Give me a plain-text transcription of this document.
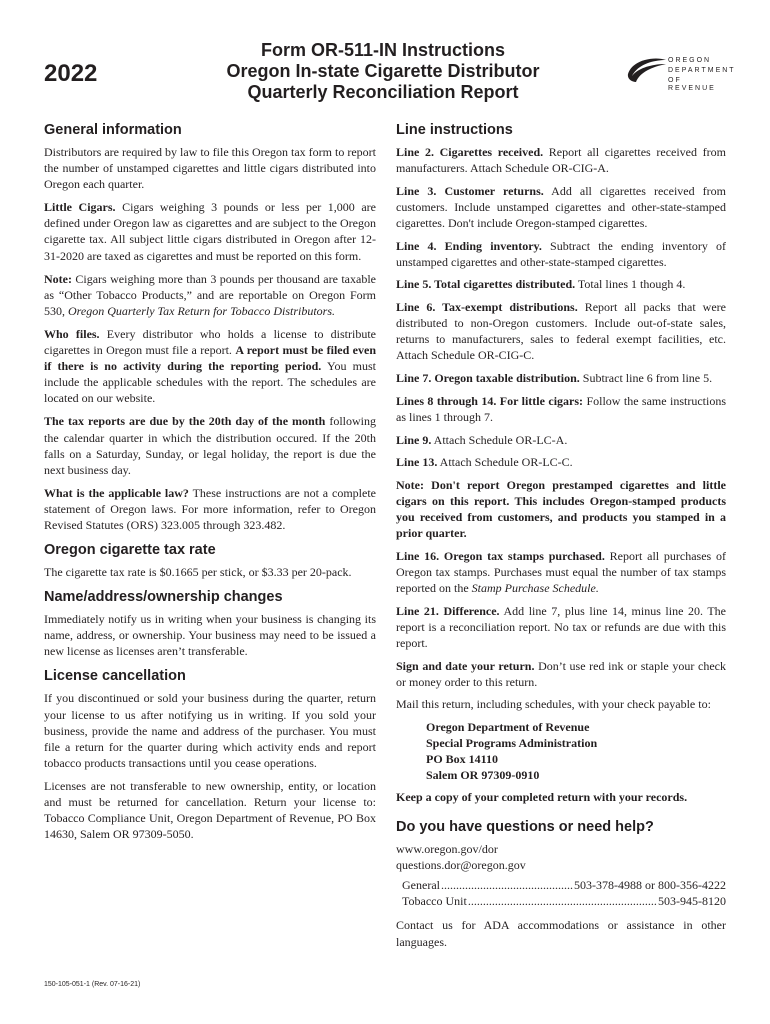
2022
Form OR-511-IN Instructions
Oregon In-state Cigarette Distributor
Quarterly Reconciliation Report
OREGON
DEPARTMENT
OF REVENUE
General information

Distributors are required by law to file this Oregon tax form to report the number of unstamped cigarettes and little cigars distributed into Oregon each quarter.

Little Cigars. Cigars weighing 3 pounds or less per 1,000 are defined under Oregon law as cigarettes and are subject to the Oregon cigarette tax. All subject little cigars distributed in Oregon after 12-31-2020 are taxed as cigarettes and must be reported on this form.

Note: Cigars weighing more than 3 pounds per thousand are taxable as “Other Tobacco Products,” and are reportable on Oregon Form 530, Oregon Quarterly Tax Return for Tobacco Distributors.

Who files. Every distributor who holds a license to distribute cigarettes in Oregon must file a report. A report must be filed even if there is no activity during the reporting period. You must include the applicable schedules with the report. The schedules are located on our website.

The tax reports are due by the 20th day of the month following the calendar quarter in which the distribution occured. If the 20th falls on a Saturday, Sunday, or legal holiday, the report is due the next business day.

What is the applicable law? These instructions are not a complete statement of Oregon laws. For more information, refer to Oregon Revised Statutes (ORS) 323.005 through 323.482.

Oregon cigarette tax rate

The cigarette tax rate is $0.1665 per stick, or $3.33 per 20-pack.

Name/address/ownership changes

Immediately notify us in writing when your business is changing its name, address, or ownership. Your business may need to be issued a new license as licenses aren’t transferable.

License cancellation

If you discontinued or sold your business during the quarter, return your license to us after notifying us in writing. If you sold your business, provide the name and address of the purchaser. You must file a return for the quarter during which activity ends and report tobacco products transactions until you cease operations.

Licenses are not transferable to new ownership, entity, or location and must be returned for cancellation. Return your license to: Tobacco Compliance Unit, Oregon Department of Revenue, PO Box 14630, Salem OR 97309-5050.

Line instructions

Line 2. Cigarettes received. Report all cigarettes received from manufacturers. Attach Schedule OR-CIG-A.

Line 3. Customer returns. Add all cigarettes received from customers. Include unstamped cigarettes and other-state-stamped cigarettes. Don't include Oregon-stamped cigarettes.

Line 4. Ending inventory. Subtract the ending inventory of unstamped cigarettes and other-state-stamped cigarettes.

Line 5. Total cigarettes distributed. Total lines 1 though 4.

Line 6. Tax-exempt distributions. Report all packs that were distributed to non-Oregon customers. Include out-of-state sales, returns to manufacturers, sales to federal exempt facilities, etc. Attach Schedule OR-CIG-C.

Line 7. Oregon taxable distribution. Subtract line 6 from line 5.

Lines 8 through 14. For little cigars: Follow the same instructions as lines 1 through 7.

Line 9. Attach Schedule OR-LC-A.

Line 13. Attach Schedule OR-LC-C.

Note: Don't report Oregon prestamped cigarettes and little cigars on this report. This includes Oregon-stamped products you received from customers, and products you stamped in a prior quarter.

Line 16. Oregon tax stamps purchased. Report all purchases of Oregon tax stamps. Purchases must equal the number of tax stamps reported on the Stamp Purchase Schedule.

Line 21. Difference. Add line 7, plus line 14, minus line 20. The report is a reconciliation report. No tax or refunds are due with this report.

Sign and date your return. Don’t use red ink or staple your check or money order to this return.

Mail this return, including schedules, with your check payable to:

Oregon Department of Revenue
Special Programs Administration
PO Box 14110
Salem OR 97309-0910

Keep a copy of your completed return with your records.

Do you have questions or need help?

www.oregon.gov/dor

questions.dor@oregon.gov

General .....	503-378-4988 or 800-356-4222
Tobacco Unit .....	503-945-8120

Contact us for ADA accommodations or assistance in other languages.

150-105-051-1 (Rev. 07-16-21)
